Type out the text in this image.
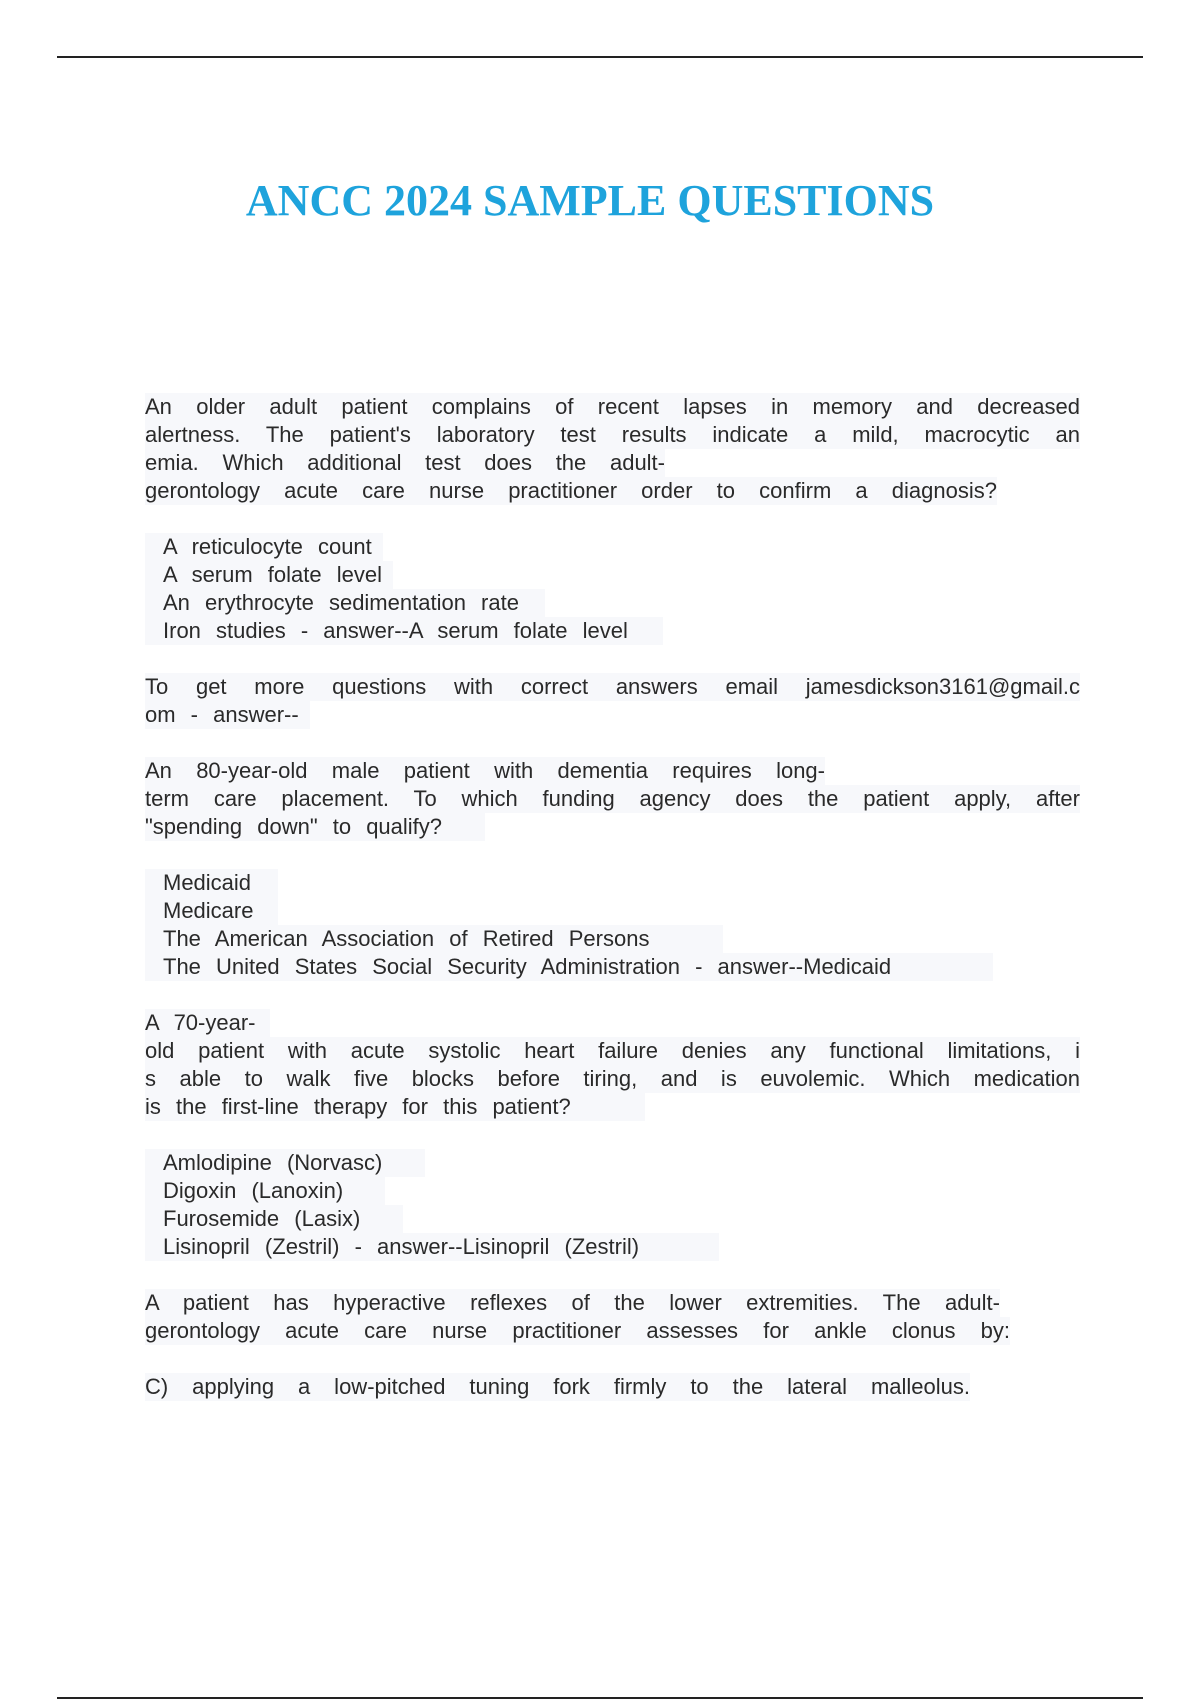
ANCC 2024 SAMPLE QUESTIONS
An older adult patient complains of recent lapses in memory and decreased
alertness. The patient's laboratory test results indicate a mild, macrocytic an
emia. Which additional test does the adult-
gerontology acute care nurse practitioner order to confirm a diagnosis?
A reticulocyte count
A serum folate level
An erythrocyte sedimentation rate
Iron studies - answer--A serum folate level
To get more questions with correct answers email jamesdickson3161@gmail.c
om - answer--
An 80-year-old male patient with dementia requires long-
term care placement. To which funding agency does the patient apply, after
"spending down" to qualify?
Medicaid
Medicare
The American Association of Retired Persons
The United States Social Security Administration - answer--Medicaid
A 70-year-
old patient with acute systolic heart failure denies any functional limitations, i
s able to walk five blocks before tiring, and is euvolemic. Which medication
is the first-line therapy for this patient?
Amlodipine (Norvasc)
Digoxin (Lanoxin)
Furosemide (Lasix)
Lisinopril (Zestril) - answer--Lisinopril (Zestril)
A patient has hyperactive reflexes of the lower extremities. The adult-
gerontology acute care nurse practitioner assesses for ankle clonus by:
C) applying a low-pitched tuning fork firmly to the lateral malleolus.
